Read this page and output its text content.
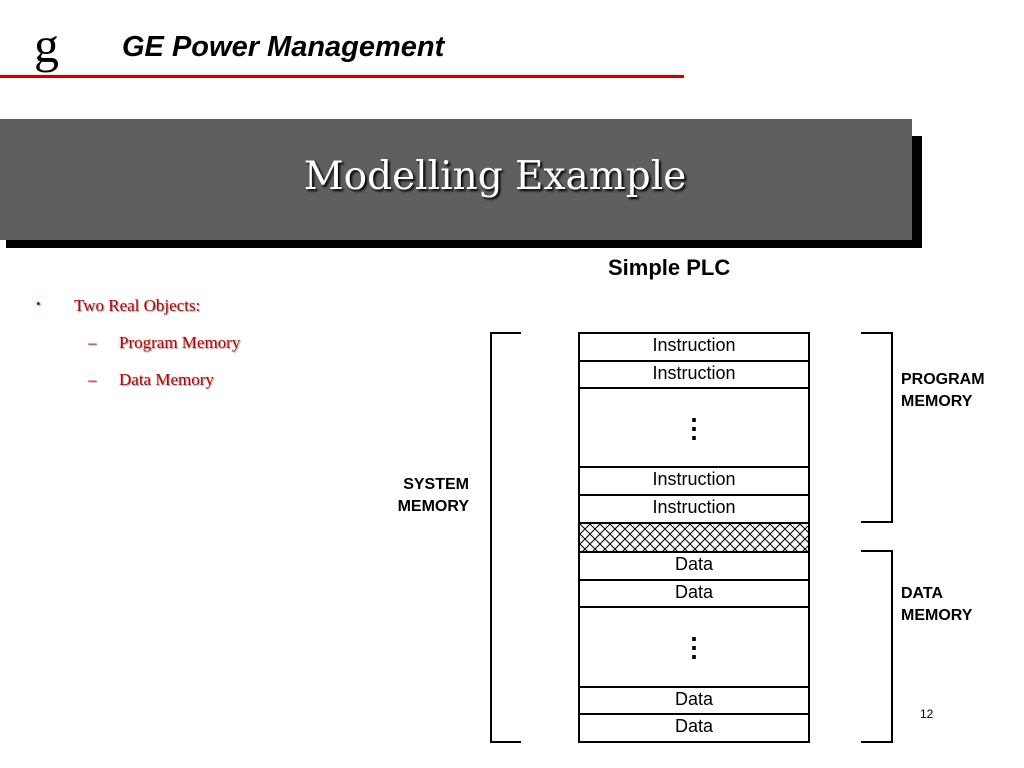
g GE Power Management
Modelling Example
• Two Real Objects:
– Program Memory
– Data Memory
Simple PLC
Instruction
Instruction
⋮
Instruction
Instruction
Data
Data
⋮
Data
Data
SYSTEM
MEMORY
PROGRAM
MEMORY
DATA
MEMORY
12
